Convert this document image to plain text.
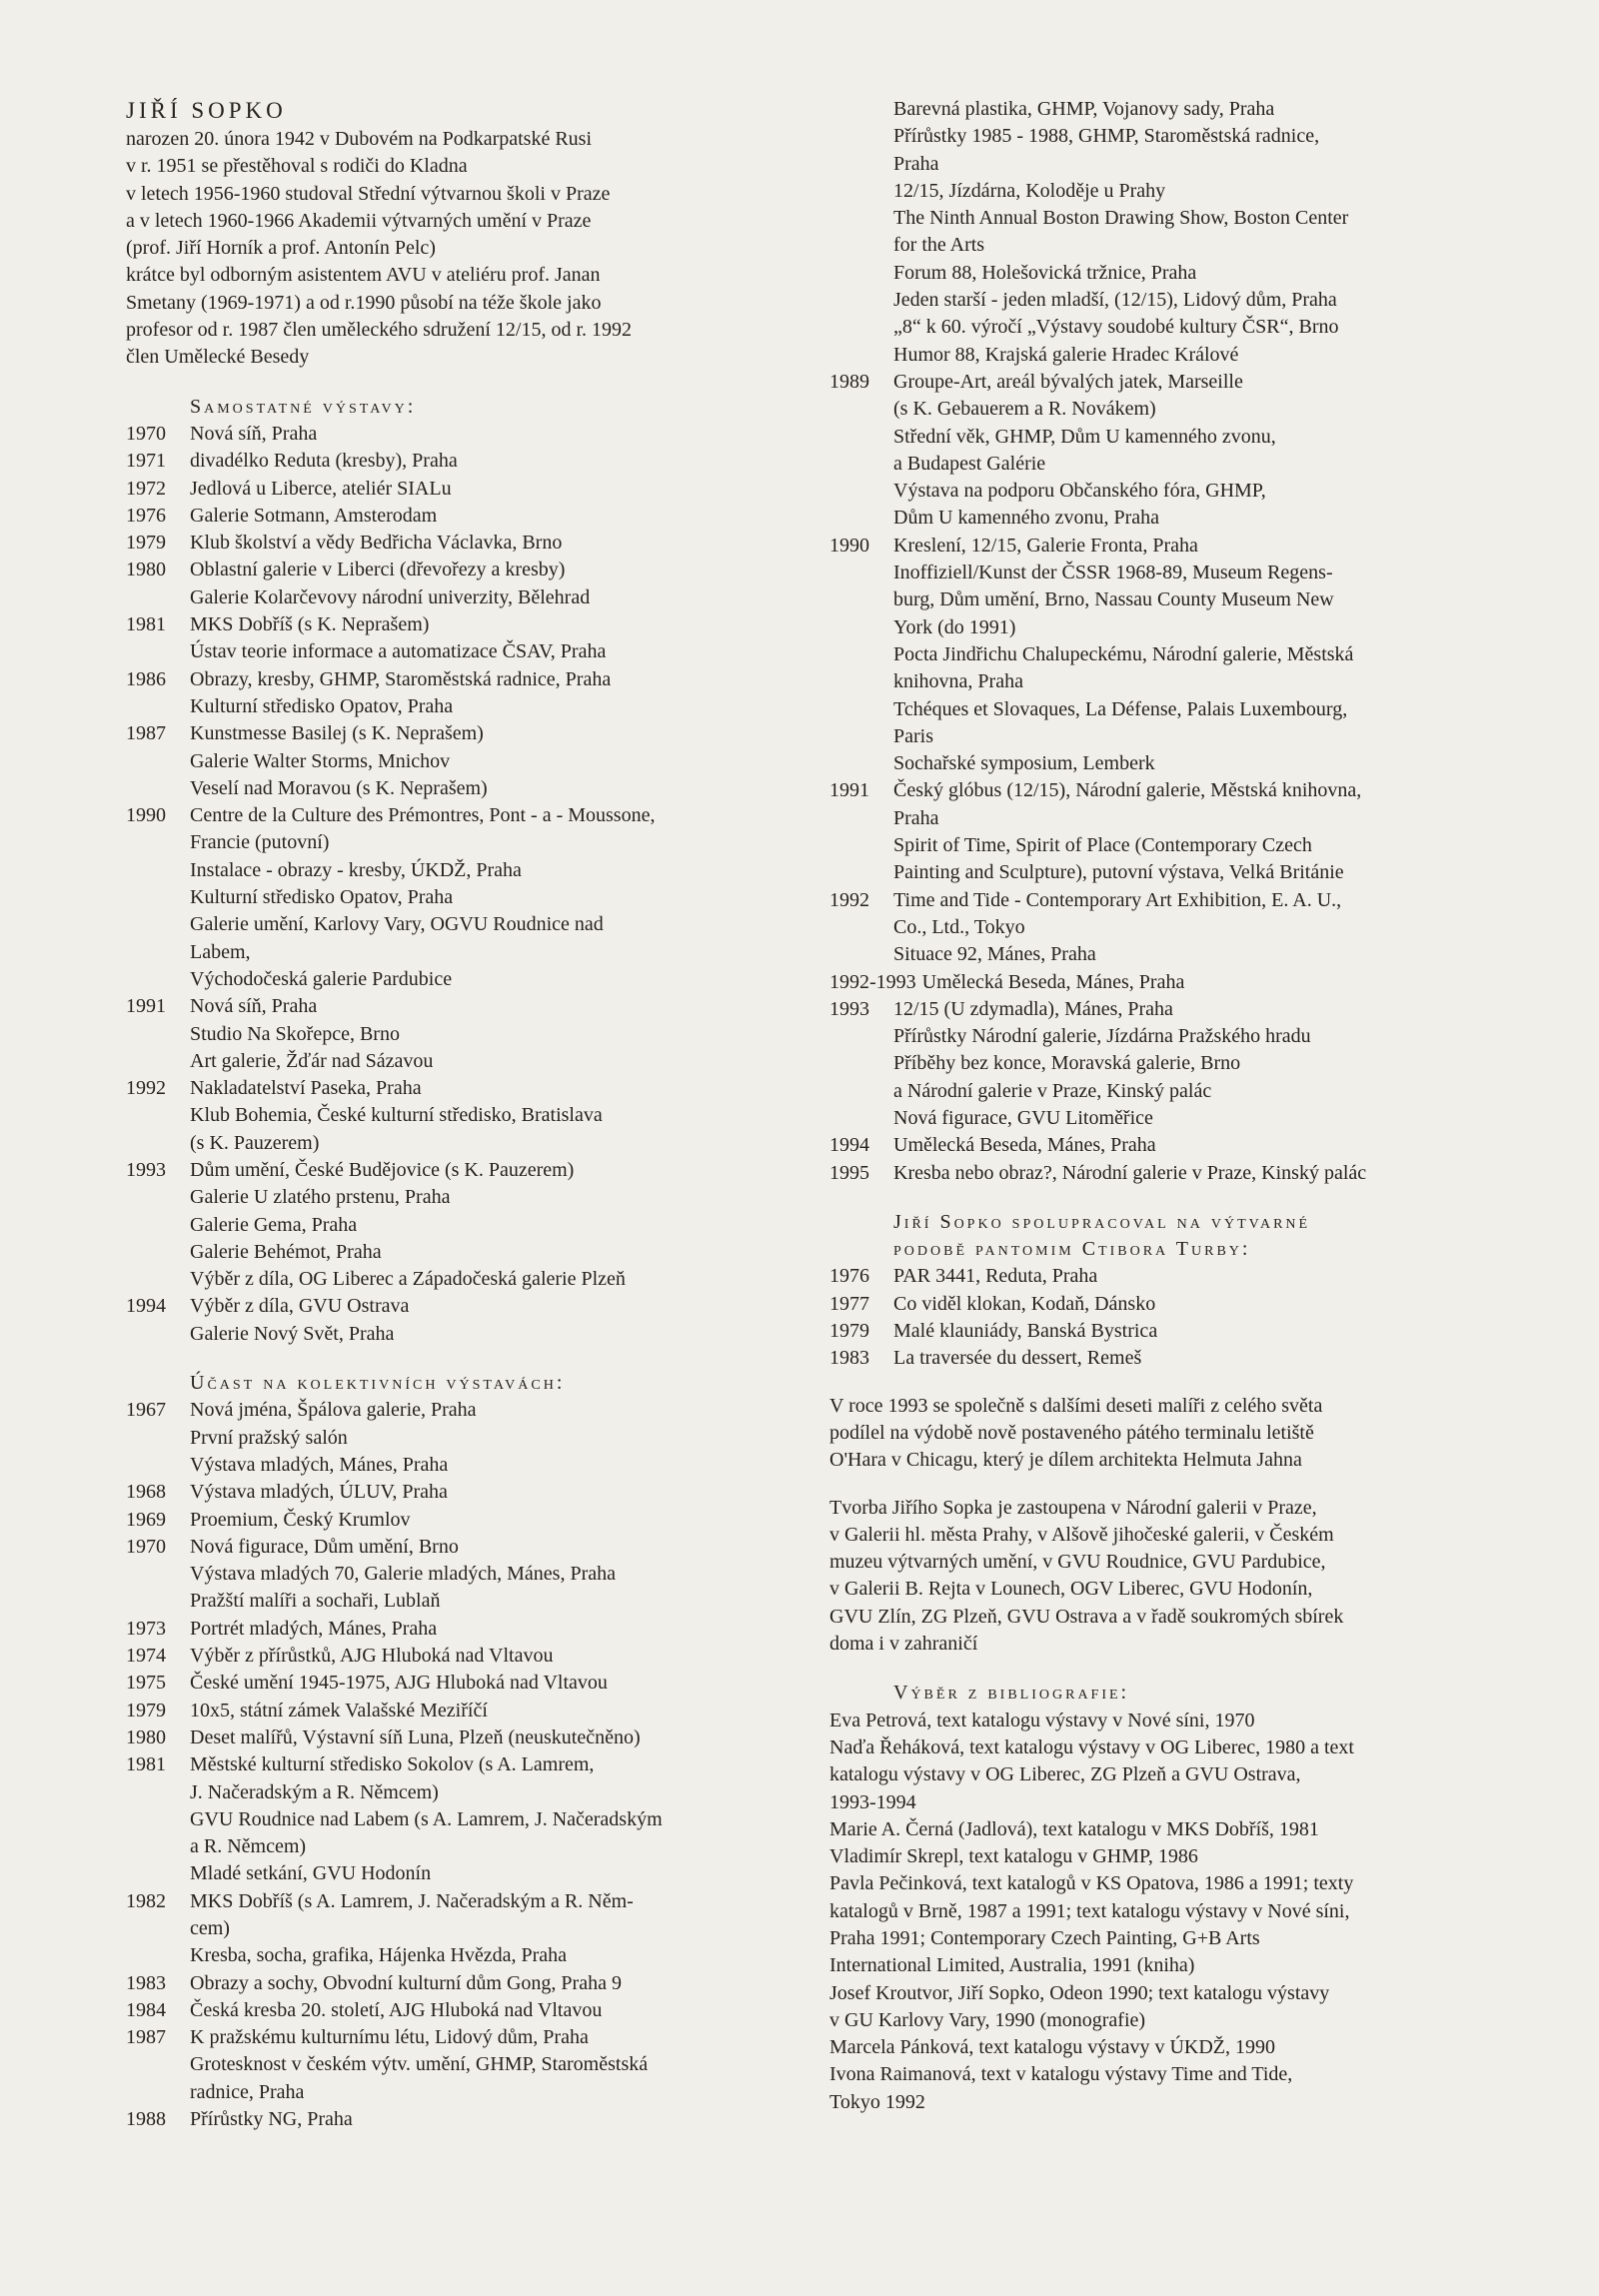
JIŘÍ SOPKO
narozen 20. února 1942 v Dubovém na Podkarpatské Rusi
v r. 1951 se přestěhoval s rodiči do Kladna
v letech 1956-1960 studoval Střední výtvarnou školi v Praze
a v letech 1960-1966 Akademii výtvarných umění v Praze
(prof. Jiří Horník a prof. Antonín Pelc)
krátce byl odborným asistentem AVU v ateliéru prof. Janan
Smetany (1969-1971) a od r.1990 působí na téže škole jako
profesor od r. 1987 člen uměleckého sdružení 12/15, od r. 1992
člen Umělecké Besedy
Samostatné výstavy:
1970	Nová síň, Praha
1971	divadélko Reduta (kresby), Praha
1972	Jedlová u Liberce, ateliér SIALu
1976	Galerie Sotmann, Amsterodam
1979	Klub školství a vědy Bedřicha Václavka, Brno
1980	Oblastní galerie v Liberci (dřevořezy a kresby)
Galerie Kolarčevovy národní univerzity, Bělehrad
1981	MKS Dobříš (s K. Neprašem)
Ústav teorie informace a automatizace ČSAV, Praha
1986	Obrazy, kresby, GHMP, Staroměstská radnice, Praha
Kulturní středisko Opatov, Praha
1987	Kunstmesse Basilej (s K. Neprašem)
Galerie Walter Storms, Mnichov
Veselí nad Moravou (s K. Neprašem)
1990	Centre de la Culture des Prémontres, Pont - a - Moussone,
Francie (putovní)
Instalace - obrazy - kresby, ÚKDŽ, Praha
Kulturní středisko Opatov, Praha
Galerie umění, Karlovy Vary, OGVU Roudnice nad
Labem,
Východočeská galerie Pardubice
1991	Nová síň, Praha
Studio Na Skořepce, Brno
Art galerie, Žďár nad Sázavou
1992	Nakladatelství Paseka, Praha
Klub Bohemia, České kulturní středisko, Bratislava
(s K. Pauzerem)
1993	Dům umění, České Budějovice (s K. Pauzerem)
Galerie U zlatého prstenu, Praha
Galerie Gema, Praha
Galerie Behémot, Praha
Výběr z díla, OG Liberec a Západočeská galerie Plzeň
1994	Výběr z díla, GVU Ostrava
Galerie Nový Svět, Praha
Účast na kolektivních výstavách:
1967	Nová jména, Špálova galerie, Praha
První pražský salón
Výstava mladých, Mánes, Praha
1968	Výstava mladých, ÚLUV, Praha
1969	Proemium, Český Krumlov
1970	Nová figurace, Dům umění, Brno
Výstava mladých 70, Galerie mladých, Mánes, Praha
Pražští malíři a sochaři, Lublaň
1973	Portrét mladých, Mánes, Praha
1974	Výběr z přírůstků, AJG Hluboká nad Vltavou
1975	České umění 1945-1975, AJG Hluboká nad Vltavou
1979	10x5, státní zámek Valašské Meziříčí
1980	Deset malířů, Výstavní síň Luna, Plzeň (neuskutečněno)
1981	Městské kulturní středisko Sokolov (s A. Lamrem,
J. Načeradským a R. Němcem)
GVU Roudnice nad Labem (s A. Lamrem, J. Načeradským
a R. Němcem)
Mladé setkání, GVU Hodonín
1982	MKS Dobříš (s A. Lamrem, J. Načeradským a R. Něm-
cem)
Kresba, socha, grafika, Hájenka Hvězda, Praha
1983	Obrazy a sochy, Obvodní kulturní dům Gong, Praha 9
1984	Česká kresba 20. století, AJG Hluboká nad Vltavou
1987	K pražskému kulturnímu létu, Lidový dům, Praha
Grotesknost v českém výtv. umění, GHMP, Staroměstská
radnice, Praha
1988	Přírůstky NG, Praha
Barevná plastika, GHMP, Vojanovy sady, Praha
Přírůstky 1985 - 1988, GHMP, Staroměstská radnice,
Praha
12/15, Jízdárna, Koloděje u Prahy
The Ninth Annual Boston Drawing Show, Boston Center
for the Arts
Forum 88, Holešovická tržnice, Praha
Jeden starší - jeden mladší, (12/15), Lidový dům, Praha
„8“ k 60. výročí „Výstavy soudobé kultury ČSR“, Brno
Humor 88, Krajská galerie Hradec Králové
1989	Groupe-Art, areál bývalých jatek, Marseille
(s K. Gebauerem a R. Novákem)
Střední věk, GHMP, Dům U kamenného zvonu,
a Budapest Galérie
Výstava na podporu Občanského fóra, GHMP,
Dům U kamenného zvonu, Praha
1990	Kreslení, 12/15, Galerie Fronta, Praha
Inoffiziell/Kunst der ČSSR 1968-89, Museum Regens-
burg, Dům umění, Brno, Nassau County Museum New
York (do 1991)
Pocta Jindřichu Chalupeckému, Národní galerie, Městská
knihovna, Praha
Tchéques et Slovaques, La Défense, Palais Luxembourg,
Paris
Sochařské symposium, Lemberk
1991	Český glóbus (12/15), Národní galerie, Městská knihovna,
Praha
Spirit of Time, Spirit of Place (Contemporary Czech
Painting and Sculpture), putovní výstava, Velká Británie
1992	Time and Tide - Contemporary Art Exhibition, E. A. U.,
Co., Ltd., Tokyo
Situace 92, Mánes, Praha
1992-1993 Umělecká Beseda, Mánes, Praha
1993	12/15 (U zdymadla), Mánes, Praha
Přírůstky Národní galerie, Jízdárna Pražského hradu
Příběhy bez konce, Moravská galerie, Brno
a Národní galerie v Praze, Kinský palác
Nová figurace, GVU Litoměřice
1994	Umělecká Beseda, Mánes, Praha
1995	Kresba nebo obraz?, Národní galerie v Praze, Kinský palác
Jiří Sopko spolupracoval na výtvarné
podobě pantomim Ctibora Turby:
1976	PAR 3441, Reduta, Praha
1977	Co viděl klokan, Kodaň, Dánsko
1979	Malé klauniády, Banská Bystrica
1983	La traversée du dessert, Remeš
V roce 1993 se společně s dalšími deseti malíři z celého světa
podílel na výdobě nově postaveného pátého terminalu letiště
O'Hara v Chicagu, který je dílem architekta Helmuta Jahna
Tvorba Jiřího Sopka je zastoupena v Národní galerii v Praze,
v Galerii hl. města Prahy, v Alšově jihočeské galerii, v Českém
muzeu výtvarných umění, v GVU Roudnice, GVU Pardubice,
v Galerii B. Rejta v Lounech, OGV Liberec, GVU Hodonín,
GVU Zlín, ZG Plzeň, GVU Ostrava a v řadě soukromých sbírek
doma i v zahraničí
Výběr z bibliografie:
Eva Petrová, text katalogu výstavy v Nové síni, 1970
Naďa Řeháková, text katalogu výstavy v OG Liberec, 1980 a text
katalogu výstavy v OG Liberec, ZG Plzeň a GVU Ostrava,
1993-1994
Marie A. Černá (Jadlová), text katalogu v MKS Dobříš, 1981
Vladimír Skrepl, text katalogu v GHMP, 1986
Pavla Pečinková, text katalogů v KS Opatova, 1986 a 1991; texty
katalogů v Brně, 1987 a 1991; text katalogu výstavy v Nové síni,
Praha 1991; Contemporary Czech Painting, G+B Arts
International Limited, Australia, 1991 (kniha)
Josef Kroutvor, Jiří Sopko, Odeon 1990; text katalogu výstavy
v GU Karlovy Vary, 1990 (monografie)
Marcela Pánková, text katalogu výstavy v ÚKDŽ, 1990
Ivona Raimanová, text v katalogu výstavy Time and Tide,
Tokyo 1992
